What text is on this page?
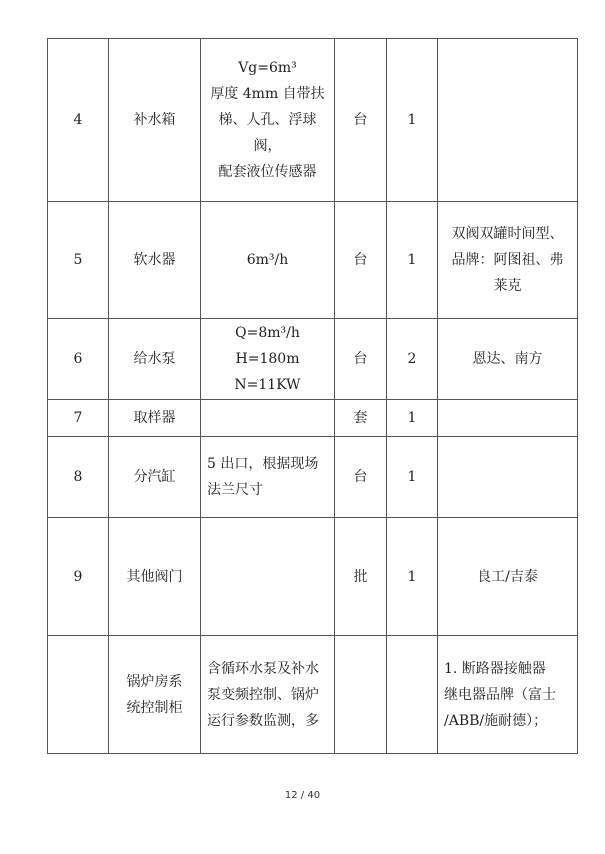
4	补水箱	Vg=6m³
厚度 4mm 自带扶
梯、人孔、浮球阀，
配套液位传感器	台	1	
5	软水器	6m³/h	台	1	双阀双罐时间型、
品牌：阿图祖、弗
莱克

6	给水泵	Q=8m³/h H=180m
N=11KW	台	2	恩达、南方

7	取样器		套	1	
8	分汽缸	5 出口，根据现场
法兰尺寸	台	1	
9	其他阀门		批	1	良工/吉泰

	锅炉房系
统控制柜	含循环水泵及补水
泵变频控制、锅炉
运行参数监测，多			1. 断路器接触器
继电器品牌（富士
/ABB/施耐德）；
12 / 40
